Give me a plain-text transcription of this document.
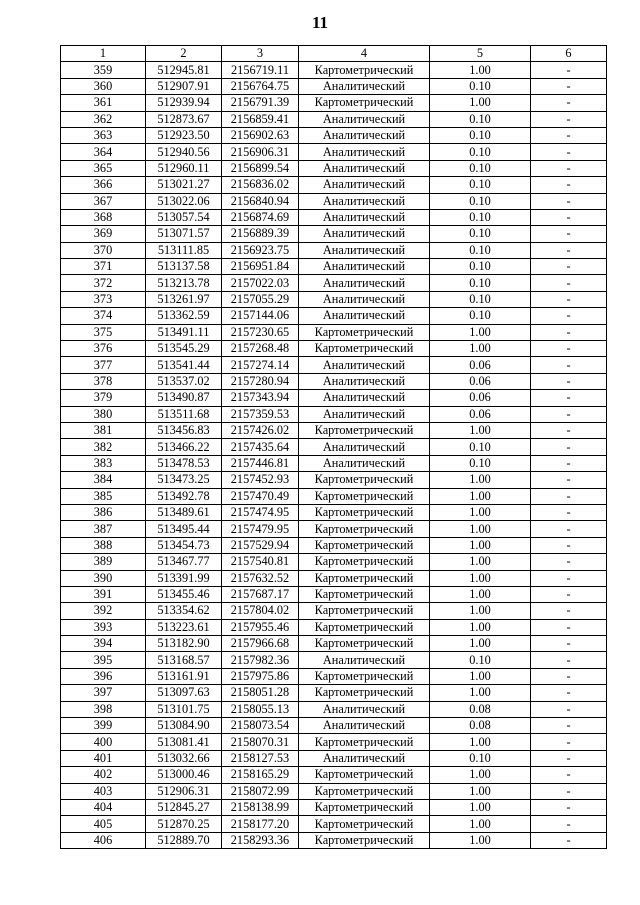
11
1	2	3	4	5	6
359	512945.81	2156719.11	Картометрический	1.00	-
360	512907.91	2156764.75	Аналитический	0.10	-
361	512939.94	2156791.39	Картометрический	1.00	-
362	512873.67	2156859.41	Аналитический	0.10	-
363	512923.50	2156902.63	Аналитический	0.10	-
364	512940.56	2156906.31	Аналитический	0.10	-
365	512960.11	2156899.54	Аналитический	0.10	-
366	513021.27	2156836.02	Аналитический	0.10	-
367	513022.06	2156840.94	Аналитический	0.10	-
368	513057.54	2156874.69	Аналитический	0.10	-
369	513071.57	2156889.39	Аналитический	0.10	-
370	513111.85	2156923.75	Аналитический	0.10	-
371	513137.58	2156951.84	Аналитический	0.10	-
372	513213.78	2157022.03	Аналитический	0.10	-
373	513261.97	2157055.29	Аналитический	0.10	-
374	513362.59	2157144.06	Аналитический	0.10	-
375	513491.11	2157230.65	Картометрический	1.00	-
376	513545.29	2157268.48	Картометрический	1.00	-
377	513541.44	2157274.14	Аналитический	0.06	-
378	513537.02	2157280.94	Аналитический	0.06	-
379	513490.87	2157343.94	Аналитический	0.06	-
380	513511.68	2157359.53	Аналитический	0.06	-
381	513456.83	2157426.02	Картометрический	1.00	-
382	513466.22	2157435.64	Аналитический	0.10	-
383	513478.53	2157446.81	Аналитический	0.10	-
384	513473.25	2157452.93	Картометрический	1.00	-
385	513492.78	2157470.49	Картометрический	1.00	-
386	513489.61	2157474.95	Картометрический	1.00	-
387	513495.44	2157479.95	Картометрический	1.00	-
388	513454.73	2157529.94	Картометрический	1.00	-
389	513467.77	2157540.81	Картометрический	1.00	-
390	513391.99	2157632.52	Картометрический	1.00	-
391	513455.46	2157687.17	Картометрический	1.00	-
392	513354.62	2157804.02	Картометрический	1.00	-
393	513223.61	2157955.46	Картометрический	1.00	-
394	513182.90	2157966.68	Картометрический	1.00	-
395	513168.57	2157982.36	Аналитический	0.10	-
396	513161.91	2157975.86	Картометрический	1.00	-
397	513097.63	2158051.28	Картометрический	1.00	-
398	513101.75	2158055.13	Аналитический	0.08	-
399	513084.90	2158073.54	Аналитический	0.08	-
400	513081.41	2158070.31	Картометрический	1.00	-
401	513032.66	2158127.53	Аналитический	0.10	-
402	513000.46	2158165.29	Картометрический	1.00	-
403	512906.31	2158072.99	Картометрический	1.00	-
404	512845.27	2158138.99	Картометрический	1.00	-
405	512870.25	2158177.20	Картометрический	1.00	-
406	512889.70	2158293.36	Картометрический	1.00	-
